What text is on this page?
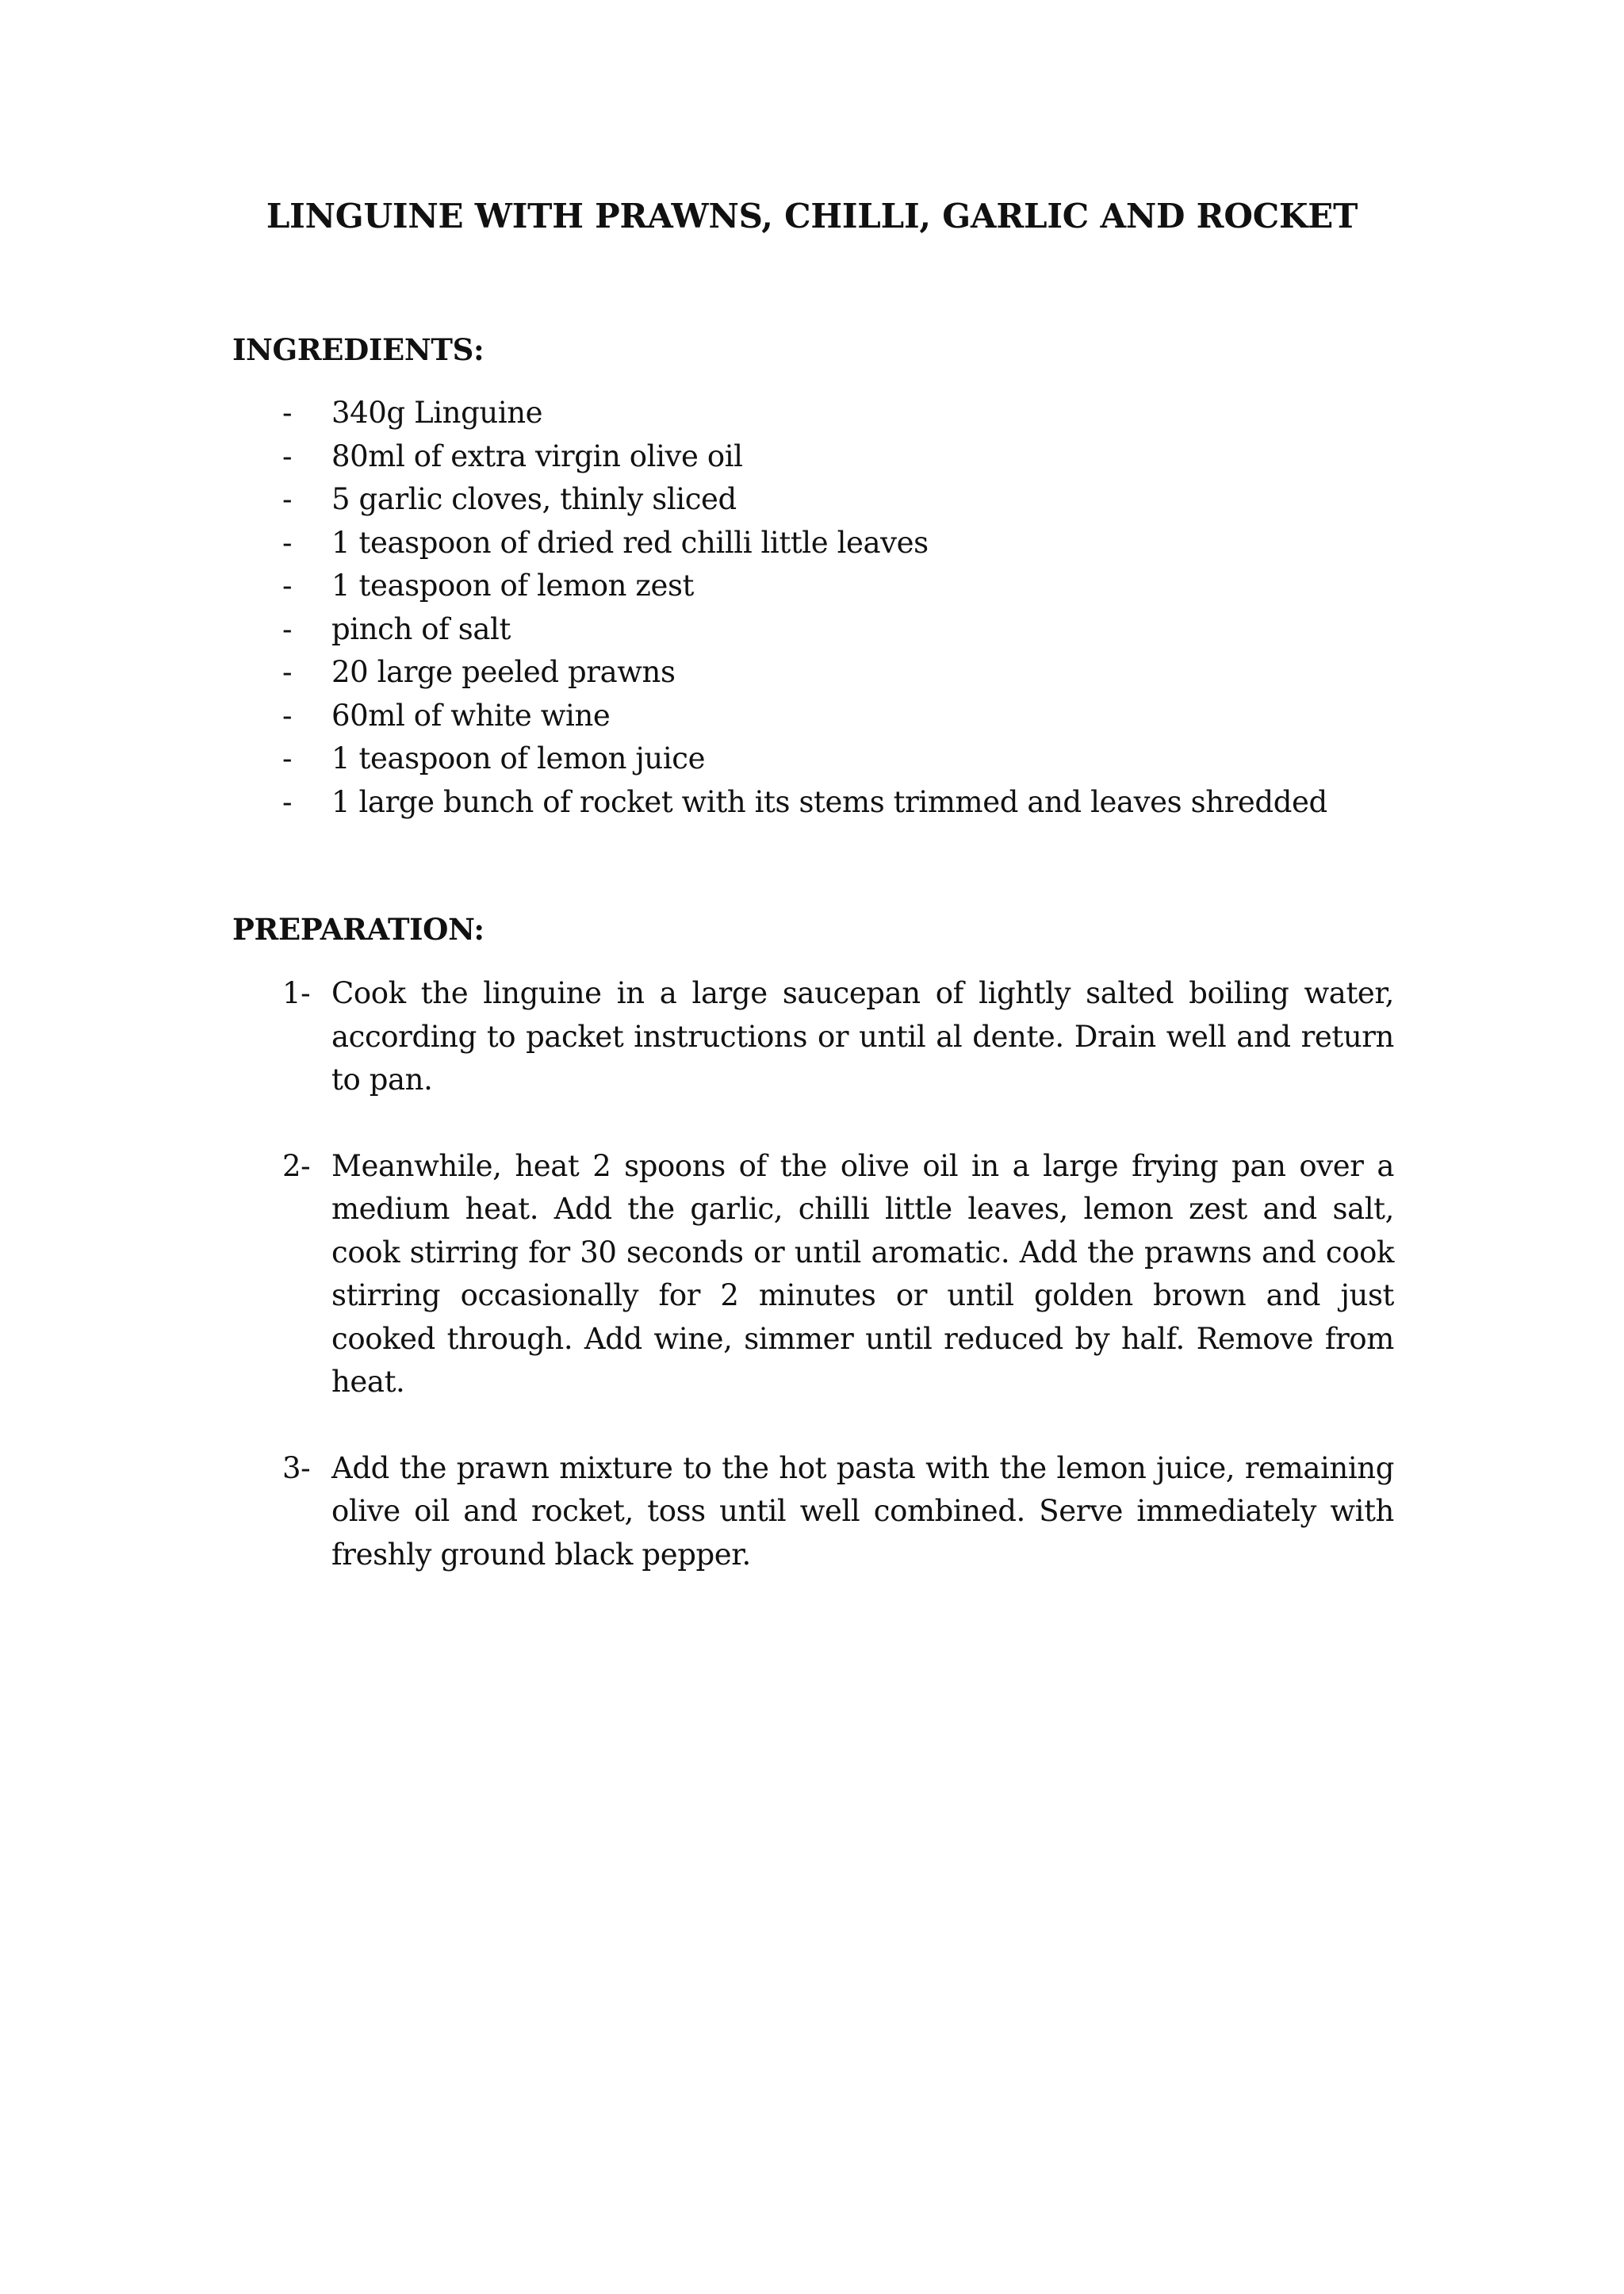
LINGUINE WITH PRAWNS, CHILLI, GARLIC AND ROCKET
INGREDIENTS:
- 340g Linguine
- 80ml of extra virgin olive oil
- 5 garlic cloves, thinly sliced
- 1 teaspoon of dried red chilli little leaves
- 1 teaspoon of lemon zest
- pinch of salt
- 20 large peeled prawns
- 60ml of white wine
- 1 teaspoon of lemon juice
- 1 large bunch of rocket with its stems trimmed and leaves shredded
PREPARATION:
1- Cook the linguine in a large saucepan of lightly salted boiling water, according to packet instructions or until al dente. Drain well and return to pan.
2- Meanwhile, heat 2 spoons of the olive oil in a large frying pan over a medium heat. Add the garlic, chilli little leaves, lemon zest and salt, cook stirring for 30 seconds or until aromatic. Add the prawns and cook stirring occasionally for 2 minutes or until golden brown and just cooked through. Add wine, simmer until reduced by half. Remove from heat.
3- Add the prawn mixture to the hot pasta with the lemon juice, remaining olive oil and rocket, toss until well combined. Serve immediately with freshly ground black pepper.
